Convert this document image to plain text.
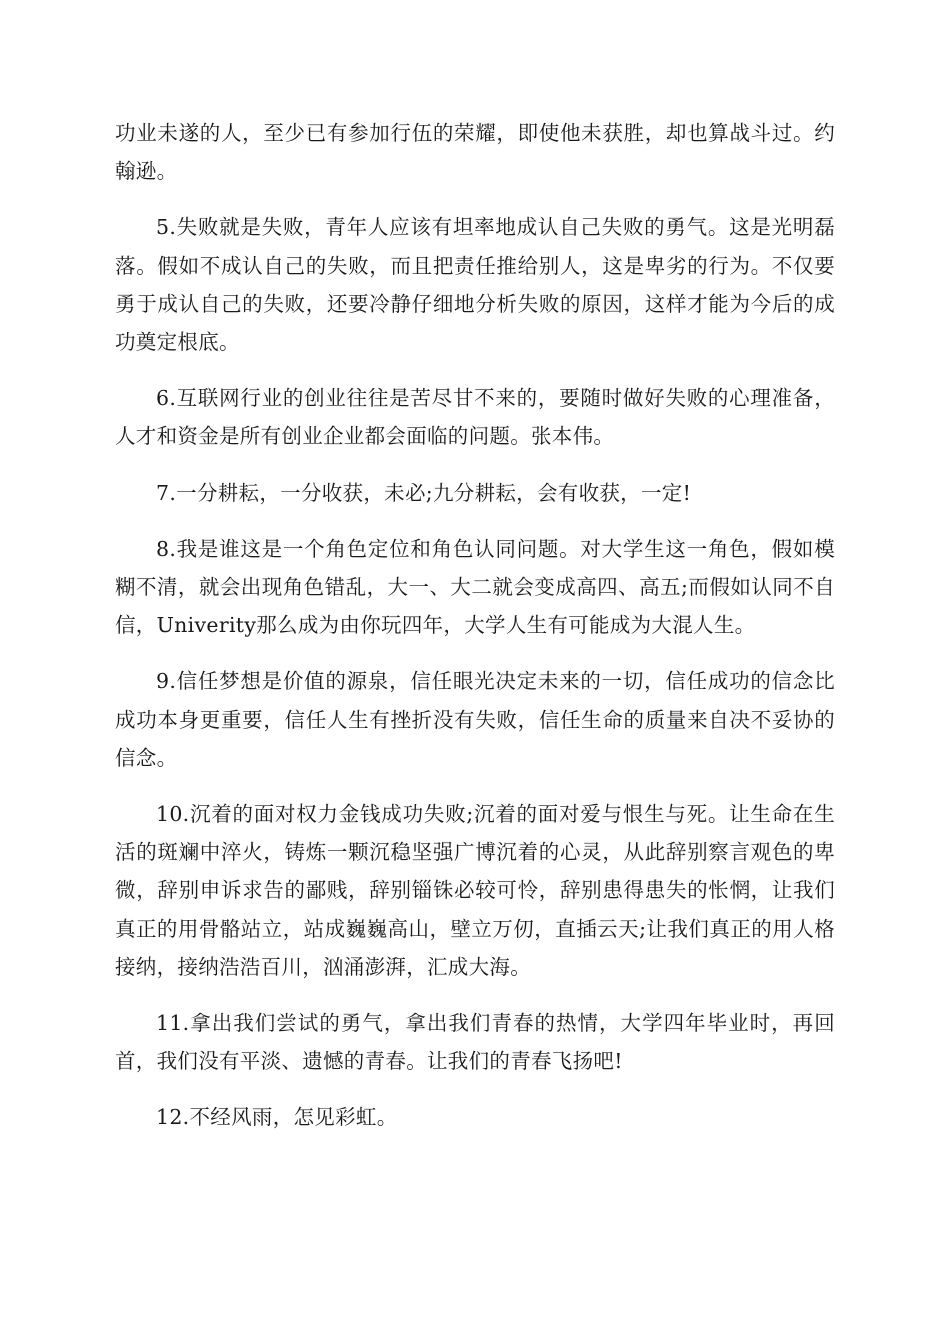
功业未遂的人，至少已有参加行伍的荣耀，即使他未获胜，却也算战斗过。约翰逊。

5.失败就是失败，青年人应该有坦率地成认自己失败的勇气。这是光明磊落。假如不成认自己的失败，而且把责任推给别人，这是卑劣的行为。不仅要勇于成认自己的失败，还要冷静仔细地分析失败的原因，这样才能为今后的成功奠定根底。

6.互联网行业的创业往往是苦尽甘不来的，要随时做好失败的心理准备，人才和资金是所有创业企业都会面临的问题。张本伟。

7.一分耕耘，一分收获，未必;九分耕耘，会有收获，一定!

8.我是谁这是一个角色定位和角色认同问题。对大学生这一角色，假如模糊不清，就会出现角色错乱，大一、大二就会变成高四、高五;而假如认同不自信，Univerity那么成为由你玩四年，大学人生有可能成为大混人生。

9.信任梦想是价值的源泉，信任眼光决定未来的一切，信任成功的信念比成功本身更重要，信任人生有挫折没有失败，信任生命的质量来自决不妥协的信念。

10.沉着的面对权力金钱成功失败;沉着的面对爱与恨生与死。让生命在生活的斑斓中淬火，铸炼一颗沉稳坚强广博沉着的心灵，从此辞别察言观色的卑微，辞别申诉求告的鄙贱，辞别锱铢必较可怜，辞别患得患失的怅惘，让我们真正的用骨骼站立，站成巍巍高山，壁立万仞，直插云天;让我们真正的用人格接纳，接纳浩浩百川，汹涌澎湃，汇成大海。

11.拿出我们尝试的勇气，拿出我们青春的热情，大学四年毕业时，再回首，我们没有平淡、遗憾的青春。让我们的青春飞扬吧!

12.不经风雨，怎见彩虹。
